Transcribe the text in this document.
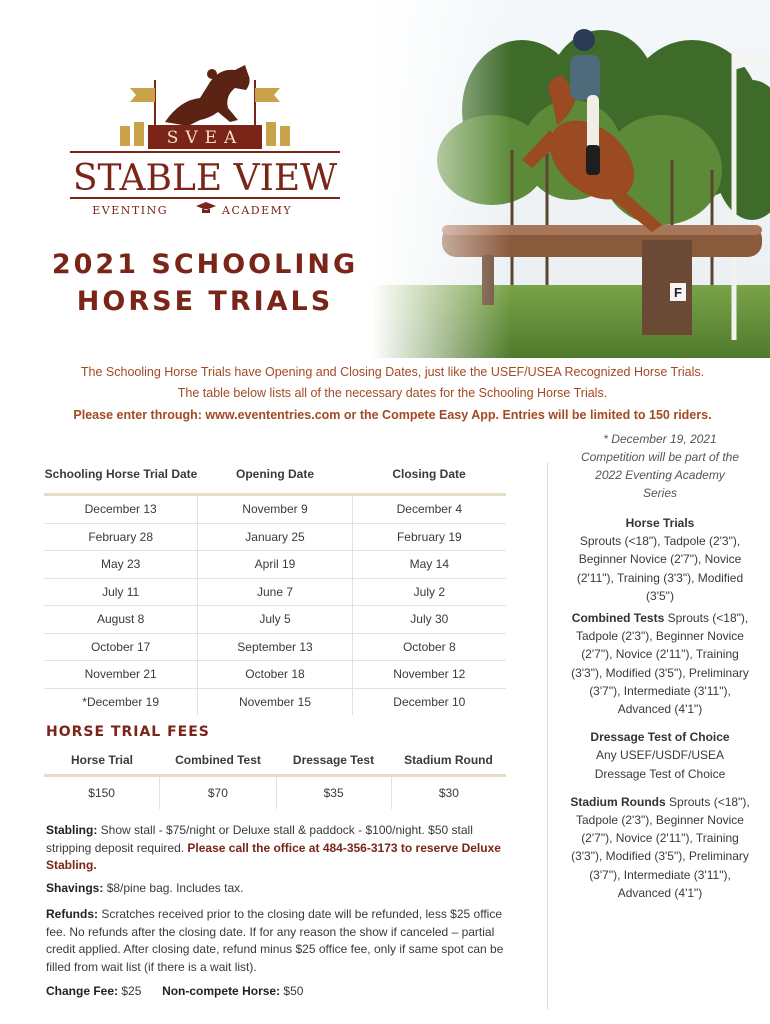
SVEA
STABLE VIEW
EVENTING	ACADEMY
2021 SCHOOLING
HORSE TRIALS
The Schooling Horse Trials have Opening and Closing Dates, just like the USEF/USEA Recognized Horse Trials. The table below lists all of the necessary dates for the Schooling Horse Trials.
Please enter through: www.evententries.com or the Compete Easy App. Entries will be limited to 150 riders.
Schooling Horse Trial Date	Opening Date	Closing Date
December 13	November 9	December 4
February 28	January 25	February 19
May 23	April 19	May 14
July 11	June 7	July 2
August 8	July 5	July 30
October 17	September 13	October 8
November 21	October 18	November 12
*December 19	November 15	December 10
HORSE TRIAL FEES
Horse Trial	Combined Test	Dressage Test	Stadium Round
$150	$70	$35	$30
Stabling: Show stall - $75/night or Deluxe stall & paddock - $100/night. $50 stall stripping deposit required. Please call the office at 484-356-3173 to reserve Deluxe Stabling.
Shavings: $8/pine bag. Includes tax.
Refunds: Scratches received prior to the closing date will be refunded, less $25 office fee. No refunds after the closing date. If for any reason the show if canceled – partial credit applied. After closing date, refund minus $25 office fee, only if same spot can be filled from wait list (if there is a wait list).
Change Fee: $25 Non-compete Horse: $50

* December 19, 2021 Competition will be part of the 2022 Eventing Academy Series

Horse Trials
Sprouts (<18"), Tadpole (2'3"), Beginner Novice (2'7"), Novice (2'11"), Training (3'3"), Modified (3'5")

Combined Tests Sprouts (<18"), Tadpole (2'3"), Beginner Novice (2'7"), Novice (2'11"), Training (3'3"), Modified (3'5"), Preliminary (3'7"), Intermediate (3'11"), Advanced (4'1")

Dressage Test of Choice
Any USEF/USDF/USEA Dressage Test of Choice

Stadium Rounds Sprouts (<18"), Tadpole (2'3"), Beginner Novice (2'7"), Novice (2'11"), Training (3'3"), Modified (3'5"), Preliminary (3'7"), Intermediate (3'11"), Advanced (4'1")
